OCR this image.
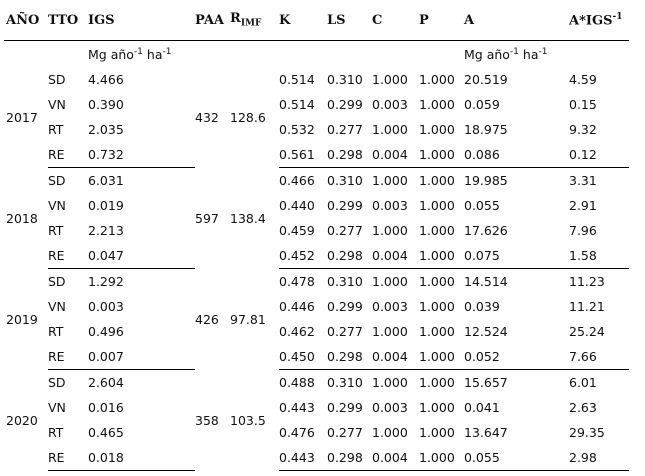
AÑO	TTO	IGS	PAA	$R_{IMF}$	K	LS	C	P	A	$A*IGS^{-1}$
		Mg año$^{-1}$ $ha^{-1}$							Mg año$^{-1}$ $ha^{-1}$	
2017	SD	4.466	432	128.6	0.514	0.310	1.000	1.000	20.519	4.59
	VN	0.390			0.514	0.299	0.003	1.000	0.059	0.15
	RT	2.035			0.532	0.277	1.000	1.000	18.975	9.32
	RE	0.732			0.561	0.298	0.004	1.000	0.086	0.12
2018	SD	6.031	597	138.4	0.466	0.310	1.000	1.000	19.985	3.31
	VN	0.019			0.440	0.299	0.003	1.000	0.055	2.91
	RT	2.213			0.459	0.277	1.000	1.000	17.626	7.96
	RE	0.047			0.452	0.298	0.004	1.000	0.075	1.58
2019	SD	1.292	426	97.81	0.478	0.310	1.000	1.000	14.514	11.23
	VN	0.003			0.446	0.299	0.003	1.000	0.039	11.21
	RT	0.496			0.462	0.277	1.000	1.000	12.524	25.24
	RE	0.007			0.450	0.298	0.004	1.000	0.052	7.66
2020	SD	2.604	358	103.5	0.488	0.310	1.000	1.000	15.657	6.01
	VN	0.016			0.443	0.299	0.003	1.000	0.041	2.63
	RT	0.465			0.476	0.277	1.000	1.000	13.647	29.35
	RE	0.018			0.443	0.298	0.004	1.000	0.055	2.98
